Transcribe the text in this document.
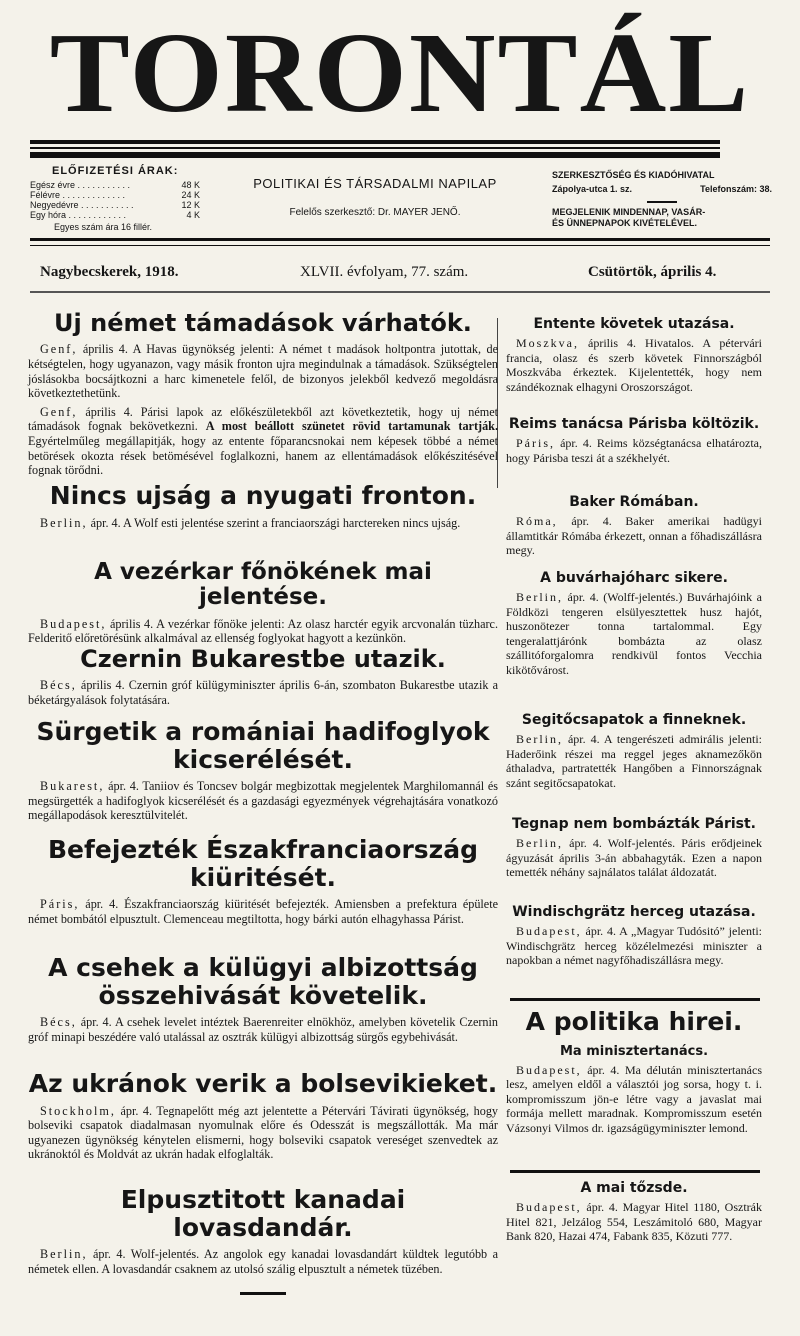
TORONTÁL
ELŐFIZETÉSI ÁRAK:
Egész évre . . . . . . . . . . .	48 K
Félévre . . . . . . . . . . . . .	24 K
Negyedévre . . . . . . . . . . .	12 K
Egy hóra . . . . . . . . . . . .	4 K
Egyes szám ára 16 fillér.
POLITIKAI ÉS TÁRSADALMI NAPILAP
Felelős szerkesztő: Dr. MAYER JENŐ.
SZERKESZTŐSÉG ÉS KIADÓHIVATAL
Zápolya-utca 1. sz.	Telefonszám: 38.
MEGJELENIK MINDENNAP, VASÁR-
ÉS ÜNNEPNAPOK KIVÉTELÉVEL.
Nagybecskerek, 1918.	XLVII. évfolyam, 77. szám.	Csütörtök, április 4.
Uj német támadások várhatók.

Genf, április 4. A Havas ügynökség jelenti: A német t madások holtpontra jutottak, de kétségtelen, hogy ugyanazon, vagy másik fronton ujra megindulnak a támadások. Szükségtelen jóslásokba bocsájtkozni a harc kimenetele felől, de bizonyos jelekből kedvező megoldásra következtethetünk.

Genf, április 4. Párisi lapok az előkészületekből azt következtetik, hogy uj német támadások fognak bekövetkezni. A most beállott szünetet rövid tartamunak tartják. Egyértelműleg megállapitják, hogy az entente főparancsnokai nem képesek többé a német betörések okozta rések betömésével foglalkozni, hanem az ellentámadások előkészitésével fognak törődni.

Nincs ujság a nyugati fronton.

Berlin, ápr. 4. A Wolf esti jelentése szerint a franciaországi harctereken nincs ujság.

A vezérkar főnökének mai jelentése.

Budapest, április 4. A vezérkar főnöke jelenti: Az olasz harctér egyik arcvonalán tüzharc. Felderitő előretörésünk alkalmával az ellenség foglyokat hagyott a kezünkön.

Czernin Bukarestbe utazik.

Bécs, április 4. Czernin gróf külügyminiszter április 6-án, szombaton Bukarestbe utazik a béketárgyalások folytatására.

Sürgetik a romániai hadifoglyok kicserélését.

Bukarest, ápr. 4. Taniiov és Toncsev bolgár megbizottak megjelentek Marghilomannál és megsürgették a hadifoglyok kicserélését és a gazdasági egyezmények végrehajtására vonatkozó megállapodások keresztülvitelét.

Befejezték Északfranciaország kiüritését.

Páris, ápr. 4. Északfranciaország kiüritését befejezték. Amiensben a prefektura épülete német bombától elpusztult. Clemenceau megtiltotta, hogy bárki autón elhagyhassa Párist.

A csehek a külügyi albizottság összehivását követelik.

Bécs, ápr. 4. A csehek levelet intéztek Baerenreiter elnökhöz, amelyben követelik Czernin gróf minapi beszédére való utalással az osztrák külügyi albizottság sürgős egybehivását.

Az ukránok verik a bolsevikieket.

Stockholm, ápr. 4. Tegnapelőtt még azt jelentette a Pétervári Távirati ügynökség, hogy bolseviki csapatok diadalmasan nyomulnak előre és Odesszát is megszállották. Ma már ugyanezen ügynökség kénytelen elismerni, hogy bolseviki csapatok vereséget szenvedtek az ukránoktól és Moldvát az ukrán hadak elfoglalták.

Elpusztitott kanadai lovasdandár.

Berlin, ápr. 4. Wolf-jelentés. Az angolok egy kanadai lovasdandárt küldtek legutóbb a németek ellen. A lovasdandár csaknem az utolsó szálig elpusztult a németek tüzében.

Entente követek utazása.

Moszkva, április 4. Hivatalos. A pétervári francia, olasz és szerb követek Finnországból Moszkvába érkeztek. Kijelentették, hogy nem szándékoznak elhagyni Oroszországot.

Reims tanácsa Párisba költözik.

Páris, ápr. 4. Reims községtanácsa elhatározta, hogy Párisba teszi át a székhelyét.

Baker Rómában.

Róma, ápr. 4. Baker amerikai hadügyi államtitkár Rómába érkezett, onnan a főhadiszállásra megy.

A buvárhajóharc sikere.

Berlin, ápr. 4. (Wolff-jelentés.) Buvárhajóink a Földközi tengeren elsülyesztettek husz hajót, huszonötezer tonna tartalommal. Egy tengeralattjárónk bombázta az olasz szállitóforgalomra rendkivül fontos Vecchia kikötővárost.

Segitőcsapatok a finneknek.

Berlin, ápr. 4. A tengerészeti admirális jelenti: Haderőink részei ma reggel jeges aknamezőkön áthaladva, partratették Hangőben a Finnországnak szánt segitőcsapatokat.

Tegnap nem bombázták Párist.

Berlin, ápr. 4. Wolf-jelentés. Páris erődjeinek ágyuzását április 3-án abbahagyták. Ezen a napon temették néhány sajnálatos találat áldozatát.

Windischgrätz herceg utazása.

Budapest, ápr. 4. A „Magyar Tudósitó” jelenti: Windischgrätz herceg közélelmezési miniszter a napokban a német nagyfőhadiszállásra megy.

A politika hirei.
Ma minisztertanács.

Budapest, ápr. 4. Ma délután minisztertanács lesz, amelyen eldől a választói jog sorsa, hogy t. i. kompromisszum jön-e létre vagy a javaslat mai formája mellett maradnak. Kompromisszum esetén Vázsonyi Vilmos dr. igazságügyminiszter lemond.

A mai tőzsde.

Budapest, ápr. 4. Magyar Hitel 1180, Osztrák Hitel 821, Jelzálog 554, Leszámitoló 680, Magyar Bank 820, Hazai 474, Fabank 835, Közuti 777.
